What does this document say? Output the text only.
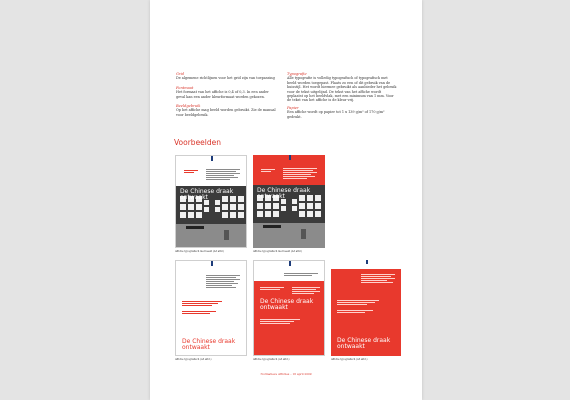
Grid
De algemene richtlijnen voor het grid zijn van toepassing
Fontmaat
Het formaat van het affiche is 0,4 of 0,3. In een ander geval kan een ander kleurformaat worden gekozen.
Beeldgebruik
Op het affiche mag beeld worden gebruikt. Zie de manual voor beeldgebruik.
Typografie
Alle typografie is volledig typografisch of typografisch met beeld worden toegepast. Plaats zo een of dit gebruik van de huisstijl. Het wordt hiermee gebruikt als aanbieder het gebruik voor de tekst uitgelijnd. De tekst van het affiche wordt geplaatst op het beeldvlak, met een minimum van 1 mm. Voor de tekst van het affiche is de kleur vrij.
Papier
Een affiche wordt op papier tot 1 x 139 g/m² of 170 g/m² gedrukt.
Voorbeelden
De Chinese draak
ontwaakt
Affiche typografisch met beeld (A3 afbr.)
De Chinese draak
ontwaakt
Affiche typografisch met beeld (A3 afbr.)
De Chinese draak
ontwaakt
Affiche typografisch (A3 afbr.)
De Chinese draak
ontwaakt
Affiche typografisch (A3 afbr.)
De Chinese draak
ontwaakt
Affiche typografisch (A3 afbr.)
Normatieve Affiches – 16 april 2009
